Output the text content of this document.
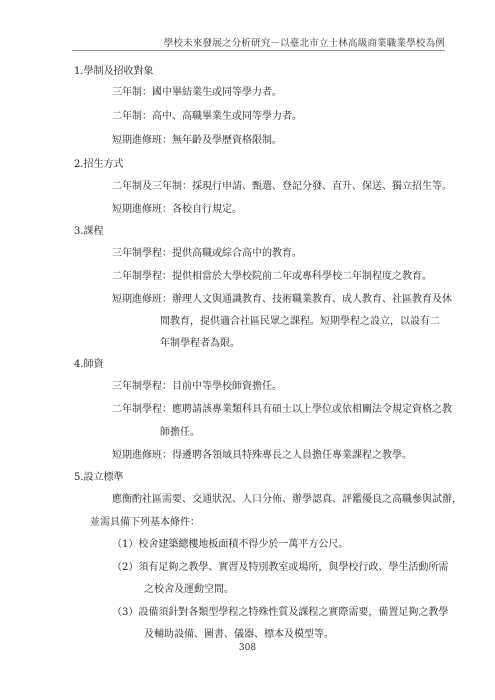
學校未來發展之分析研究－以臺北市立士林高級商業職業學校為例
1.學制及招收對象
三年制：國中畢結業生或同等學力者。
二年制：高中、高職畢業生或同等學力者。
短期進修班：無年齡及學歷資格限制。
2.招生方式
二年制及三年制：採現行申請、甄選、登記分發、直升、保送、獨立招生等。
短期進修班：各校自行規定。
3.課程
三年制學程：提供高職或綜合高中的教育。
二年制學程：提供相當於大學校院前二年或專科學校二年制程度之教育。
短期進修班：辦理人文與通識教育、技術職業教育、成人教育、社區教育及休
閒教育，提供適合社區民眾之課程。短期學程之設立，以設有二
年制學程者為限。
4.師資
三年制學程：目前中等學校師資擔任。
二年制學程：應聘請該專業類科具有碩士以上學位或依相關法令規定資格之教
師擔任。
短期進修班：得遴聘各領域具特殊專長之人員擔任專業課程之教學。
5.設立標準
應衡酌社區需要、交通狀況、人口分佈、辦學認真、評鑑優良之高職參與試辦，
並需具備下列基本條件：
（1）校舍建築總樓地板面積不得少於一萬平方公尺。
（2）須有足夠之教學、實習及特別教室或場所，與學校行政、學生活動所需
之校舍及運動空間。
（3）設備須針對各類型學程之特殊性質及課程之實際需要，備置足夠之教學
及輔助設備、圖書、儀器、標本及模型等。
308
